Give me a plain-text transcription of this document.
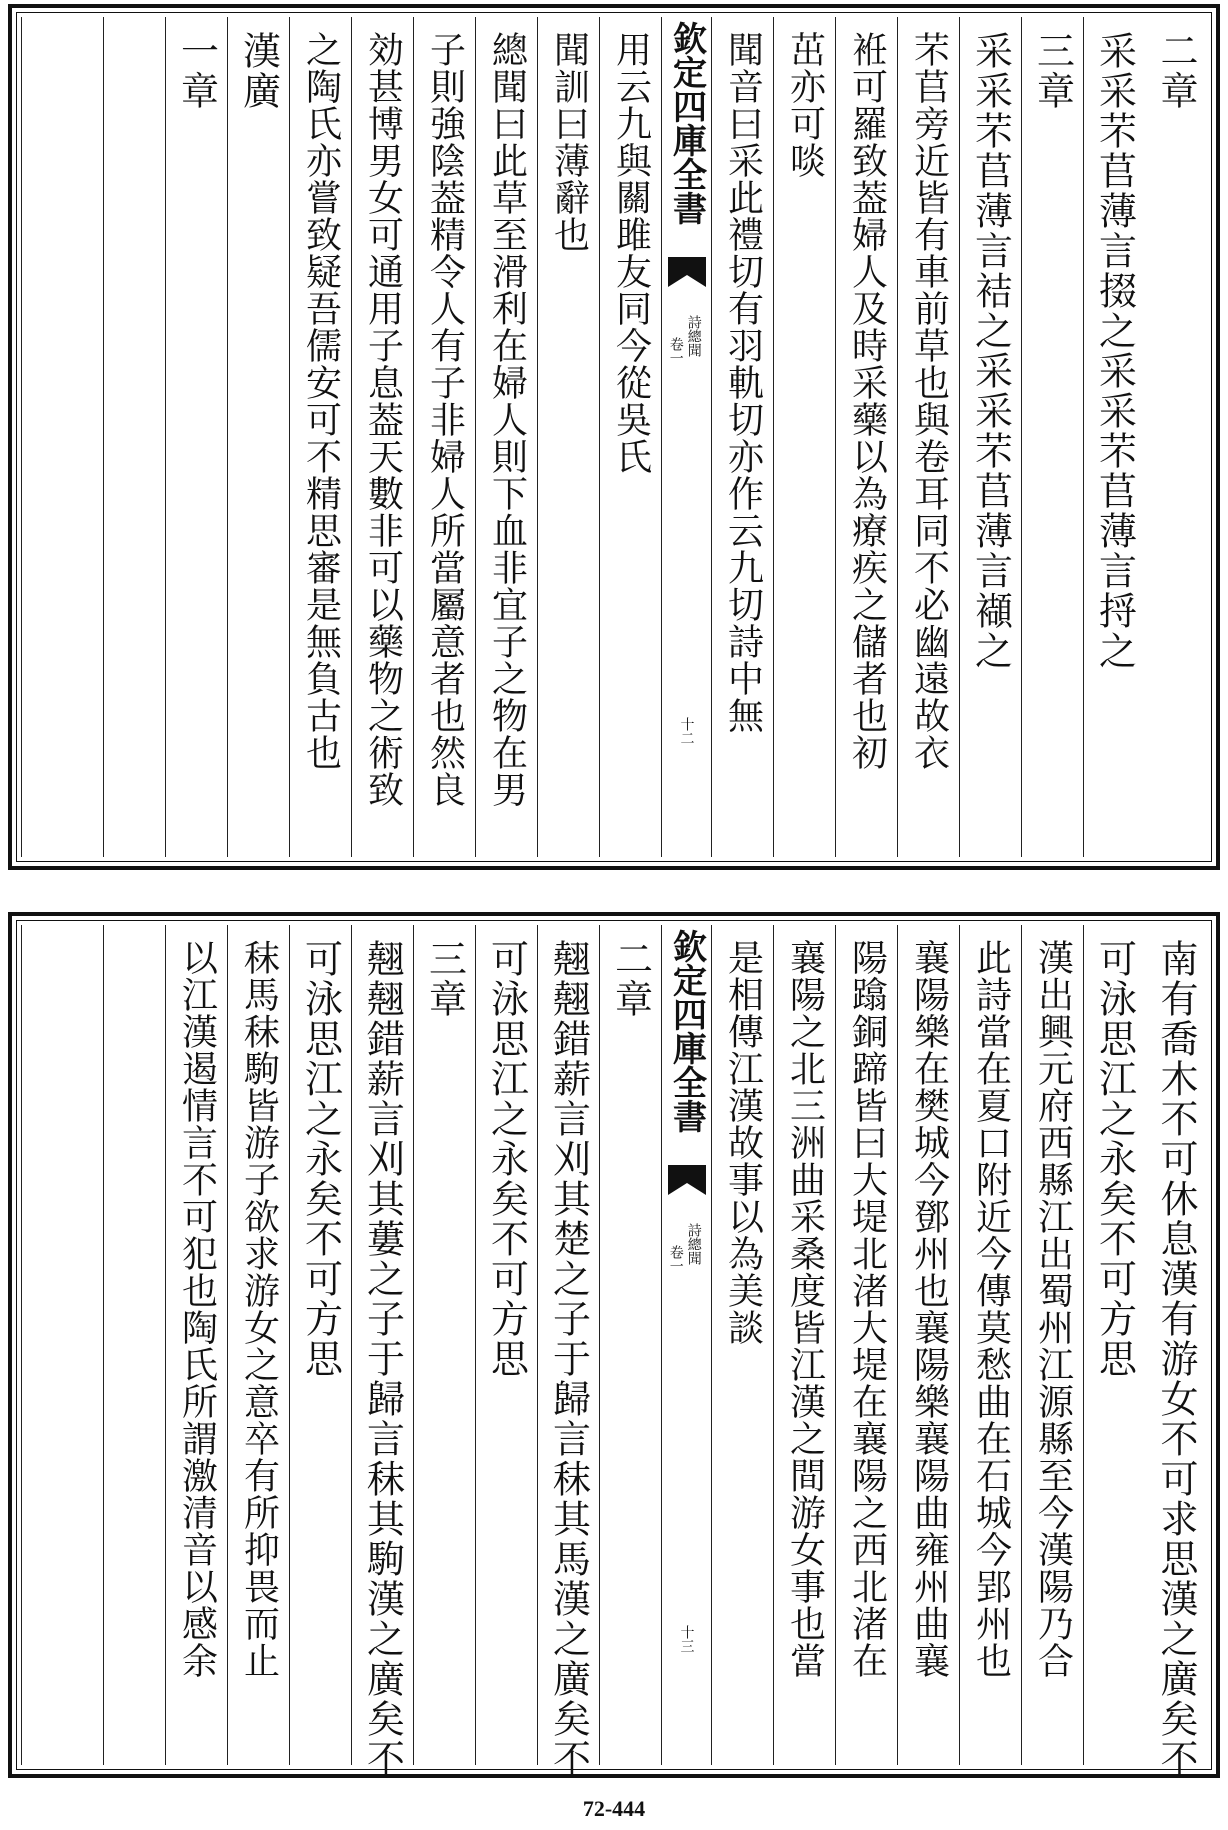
二章
采采芣苢薄言掇之采采芣苢薄言捋之
三章
采采芣苢薄言袺之采采芣苢薄言襭之
芣苢旁近皆有車前草也與卷耳同不必幽遠故衣
袵可羅致葢婦人及時采藥以為療疾之儲者也初
茁亦可啖
聞音曰采此禮切有羽軌切亦作云九切詩中無
欽定四庫全書
詩總聞
卷一
十二
用云九與關雎友同今從吳氏
聞訓曰薄辭也
總聞曰此草至滑利在婦人則下血非宜子之物在男
子則強陰葢精令人有子非婦人所當屬意者也然良
効甚博男女可通用子息葢天數非可以藥物之術致
之陶氏亦嘗致疑吾儒安可不精思審是無負古也
漢廣
一章
南有喬木不可休息漢有游女不可求思漢之廣矣不
可泳思江之永矣不可方思
漢出興元府西縣江出蜀州江源縣至今漢陽乃合
此詩當在夏口附近今傳莫愁曲在石城今郢州也
襄陽樂在樊城今鄧州也襄陽樂襄陽曲雍州曲襄
陽蹹銅蹄皆曰大堤北渚大堤在襄陽之西北渚在
襄陽之北三洲曲采桑度皆江漢之間游女事也當
是相傳江漢故事以為美談
欽定四庫全書
詩總聞
卷一
十三
二章
翹翹錯薪言刈其楚之子于歸言秣其馬漢之廣矣不
可泳思江之永矣不可方思
三章
翹翹錯薪言刈其蔞之子于歸言秣其駒漢之廣矣不
可泳思江之永矣不可方思
秣馬秣駒皆游子欲求游女之意卒有所抑畏而止
以江漢遏情言不可犯也陶氏所謂激清音以感余
72-444
